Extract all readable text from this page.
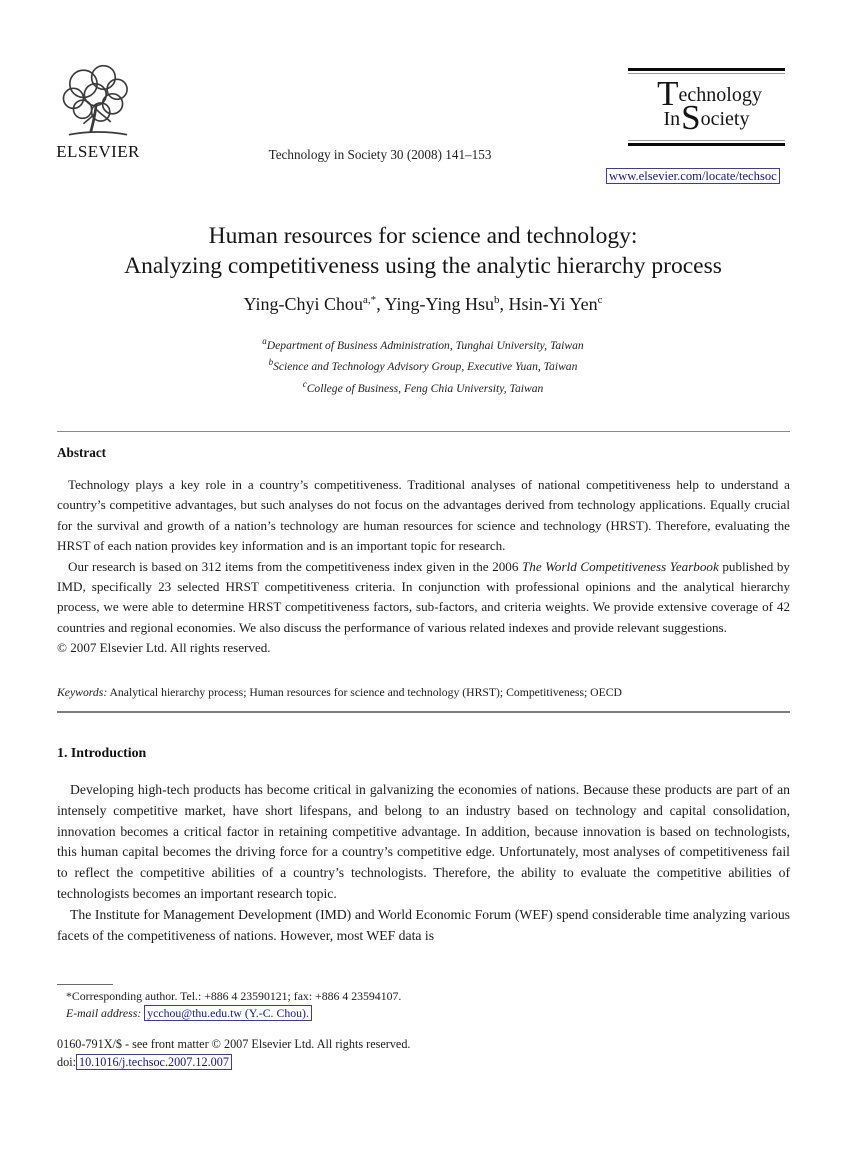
ELSEVIER	Technology in Society 30 (2008) 141–153
Technology
InSociety
www.elsevier.com/locate/techsoc
Human resources for science and technology:
Analyzing competitiveness using the analytic hierarchy process
Ying-Chyi Chou$^{a,*}$, Ying-Ying Hsu$^b$, Hsin-Yi Yen$^c$
$^a$Department of Business Administration, Tunghai University, Taiwan
$^b$Science and Technology Advisory Group, Executive Yuan, Taiwan
$^c$College of Business, Feng Chia University, Taiwan
Abstract

Technology plays a key role in a country’s competitiveness. Traditional analyses of national competitiveness help to understand a country’s competitive advantages, but such analyses do not focus on the advantages derived from technology applications. Equally crucial for the survival and growth of a nation’s technology are human resources for science and technology (HRST). Therefore, evaluating the HRST of each nation provides key information and is an important topic for research.

Our research is based on 312 items from the competitiveness index given in the 2006 The World Competitiveness Yearbook published by IMD, specifically 23 selected HRST competitiveness criteria. In conjunction with professional opinions and the analytical hierarchy process, we were able to determine HRST competitiveness factors, sub-factors, and criteria weights. We provide extensive coverage of 42 countries and regional economies. We also discuss the performance of various related indexes and provide relevant suggestions.

© 2007 Elsevier Ltd. All rights reserved.

Keywords: Analytical hierarchy process; Human resources for science and technology (HRST); Competitiveness; OECD
1. Introduction

Developing high-tech products has become critical in galvanizing the economies of nations. Because these products are part of an intensely competitive market, have short lifespans, and belong to an industry based on technology and capital consolidation, innovation becomes a critical factor in retaining competitive advantage. In addition, because innovation is based on technologists, this human capital becomes the driving force for a country’s competitive edge. Unfortunately, most analyses of competitiveness fail to reflect the competitive abilities of a country’s technologists. Therefore, the ability to evaluate the competitive abilities of technologists becomes an important research topic.

The Institute for Management Development (IMD) and World Economic Forum (WEF) spend considerable time analyzing various facets of the competitiveness of nations. However, most WEF data is

*Corresponding author. Tel.: +886 4 23590121; fax: +886 4 23594107.
E-mail address: ycchou@thu.edu.tw (Y.-C. Chou).
0160-791X/$ - see front matter © 2007 Elsevier Ltd. All rights reserved.
doi: 10.1016/j.techsoc.2007.12.007
